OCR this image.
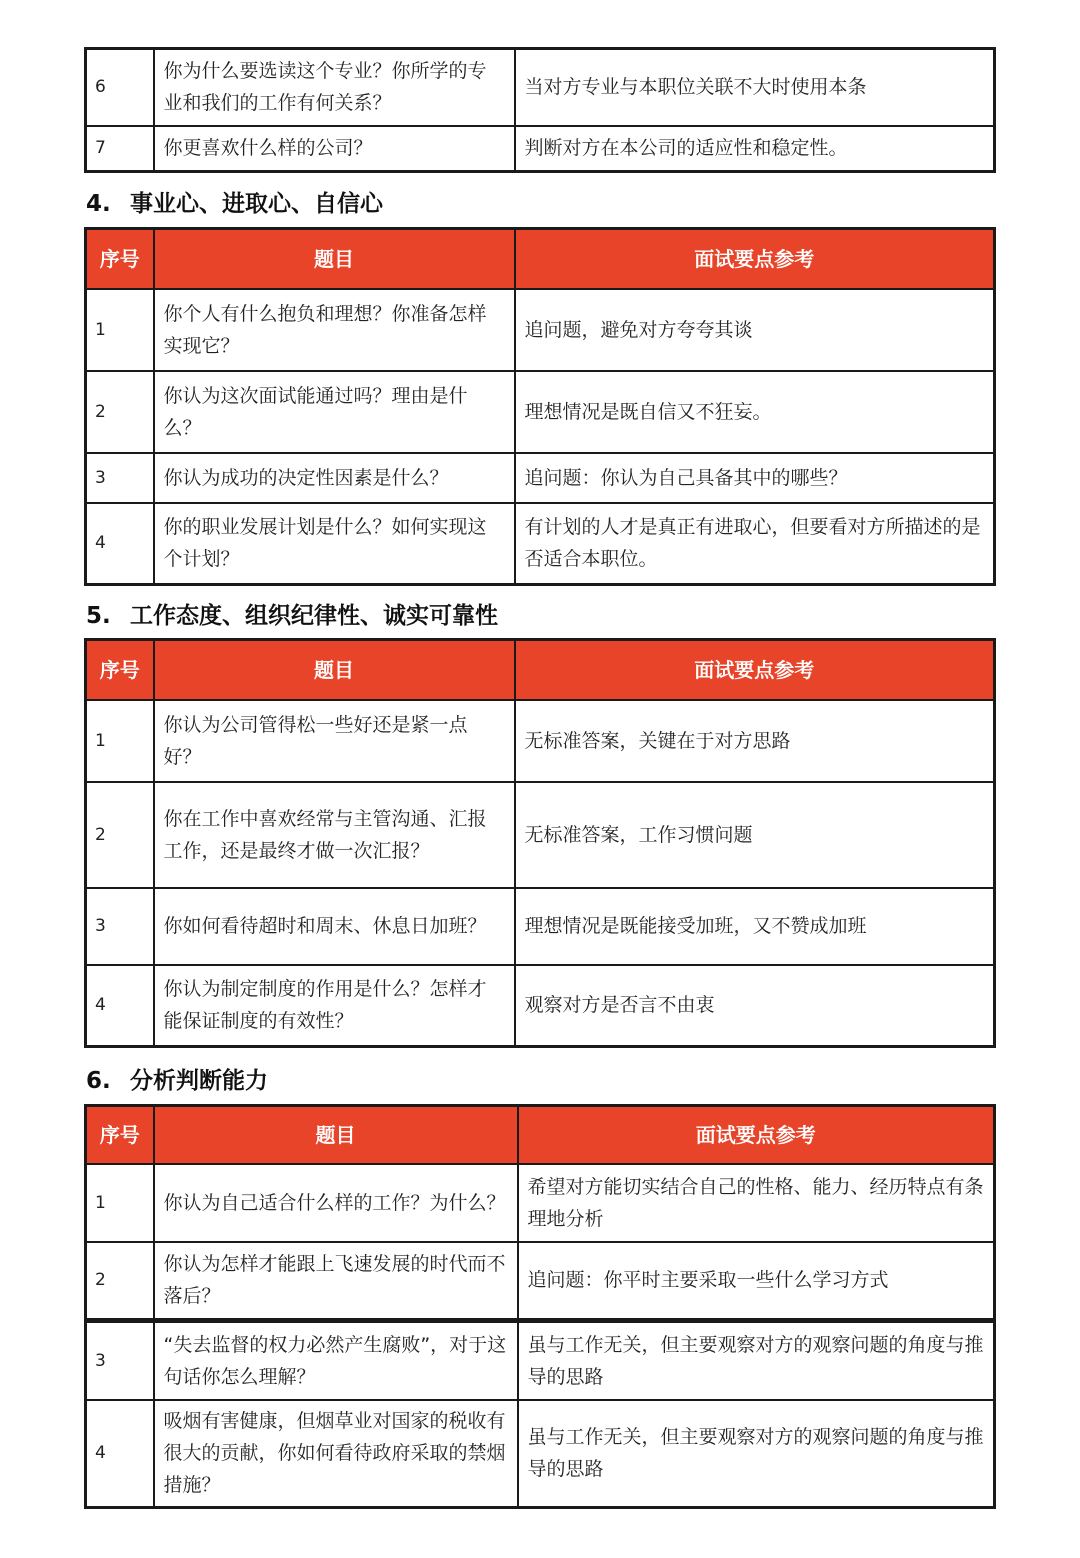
6	你为什么要选读这个专业？你所学的专业和我们的工作有何关系？	当对方专业与本职位关联不大时使用本条
7	你更喜欢什么样的公司？	判断对方在本公司的适应性和稳定性。
4. 事业心、进取心、自信心
序号	题目	面试要点参考
1	你个人有什么抱负和理想？你准备怎样实现它？	追问题，避免对方夸夸其谈
2	你认为这次面试能通过吗？理由是什么？	理想情况是既自信又不狂妄。
3	你认为成功的决定性因素是什么？	追问题：你认为自己具备其中的哪些？
4	你的职业发展计划是什么？如何实现这个计划？	有计划的人才是真正有进取心，但要看对方所描述的是否适合本职位。
5. 工作态度、组织纪律性、诚实可靠性
序号	题目	面试要点参考
1	你认为公司管得松一些好还是紧一点好？	无标准答案，关键在于对方思路
2	你在工作中喜欢经常与主管沟通、汇报工作，还是最终才做一次汇报？	无标准答案，工作习惯问题
3	你如何看待超时和周末、休息日加班？	理想情况是既能接受加班，又不赞成加班
4	你认为制定制度的作用是什么？怎样才能保证制度的有效性？	观察对方是否言不由衷
6. 分析判断能力
序号	题目	面试要点参考
1	你认为自己适合什么样的工作？为什么？	希望对方能切实结合自己的性格、能力、经历特点有条理地分析
2	你认为怎样才能跟上飞速发展的时代而不落后？	追问题：你平时主要采取一些什么学习方式
3	“失去监督的权力必然产生腐败”，对于这句话你怎么理解？	虽与工作无关，但主要观察对方的观察问题的角度与推导的思路
4	吸烟有害健康，但烟草业对国家的税收有很大的贡献，你如何看待政府采取的禁烟措施？	虽与工作无关，但主要观察对方的观察问题的角度与推导的思路
